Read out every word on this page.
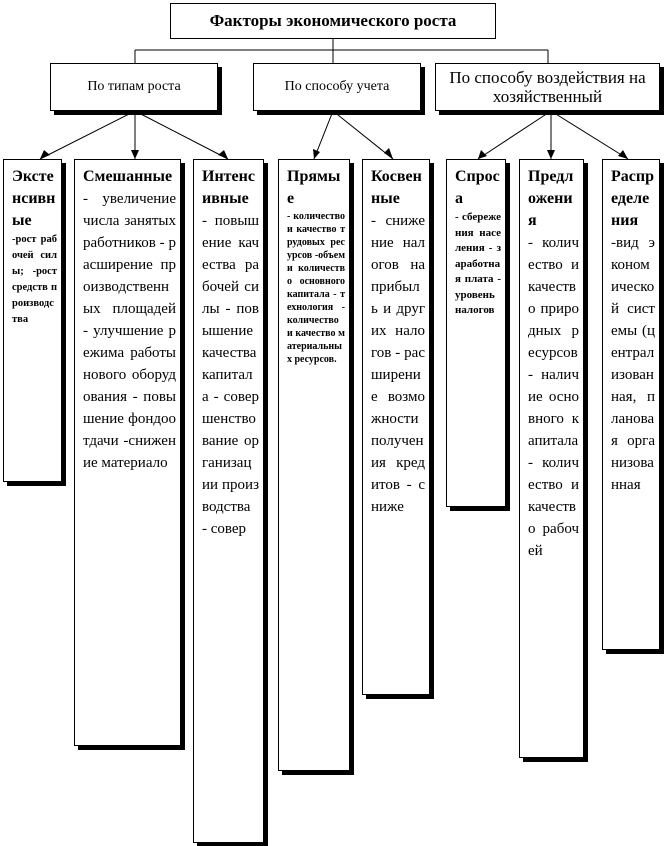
Факторы экономического роста
По типам роста	По способу учета	По способу воздействия на хозяйственный
Экстенсивные
-рост рабочей силы; -рост средств производства
Смешанные
- увеличение числа занятых работников - расширение производственных площадей - улучшение режима работы нового оборудования - повышение фондоотдачи -снижение материало
Интенсивные
- повышение качества рабочей силы - повышение качества капитала - совершенствование организации производства - совер
Прямые
- количество и качество трудовых ресурсов -объем и количество основного капитала - технология - количество и качество материальных ресурсов.
Косвенные
- снижение налогов на прибыль и других налогов - расширение возможности получения кредитов - сниже
Спроса
- сбережения населения - заработная плата - уровень налогов
Предложения
- количество и качество природных ресурсов - наличие основного капитала - количество и качество рабочей
Распределения
-вид экономической системы (централизованная, плановая организованная
